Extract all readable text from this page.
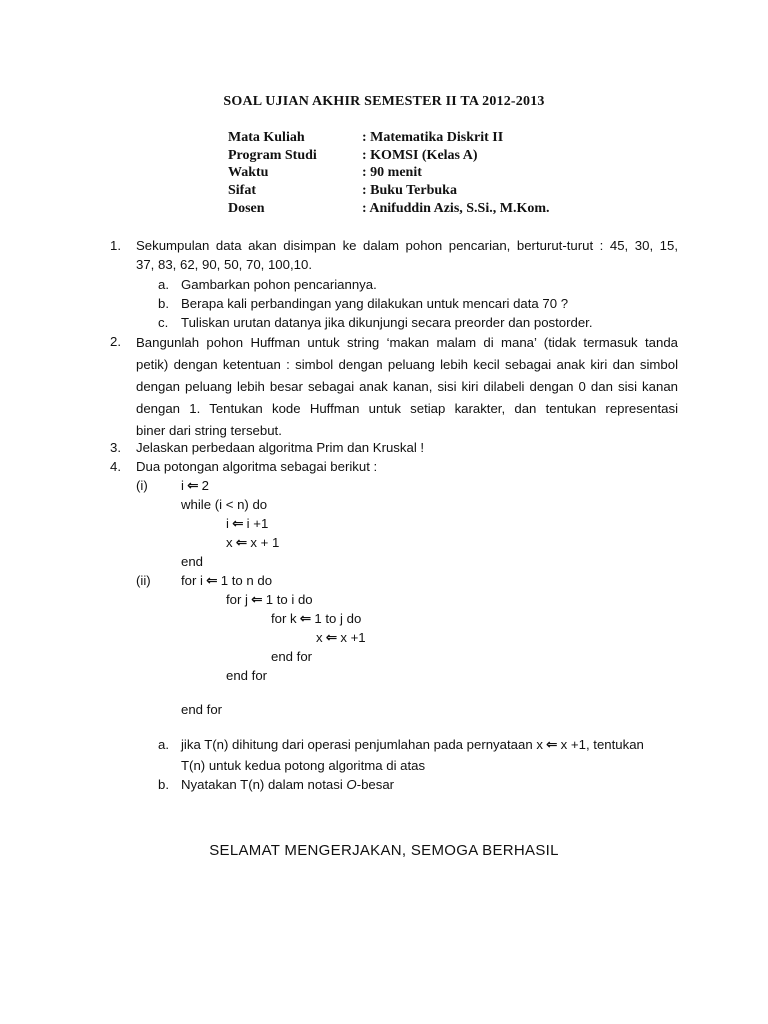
SOAL UJIAN AKHIR SEMESTER II TA 2012-2013
Mata Kuliah	: Matematika Diskrit II
Program Studi	: KOMSI (Kelas A)
Waktu	: 90 menit
Sifat	: Buku Terbuka
Dosen	: Anifuddin Azis, S.Si., M.Kom.
1.	Sekumpulan data akan disimpan ke dalam pohon pencarian, berturut-turut : 45, 30, 15,
37, 83, 62, 90, 50, 70, 100,10.
a. Gambarkan pohon pencariannya.
b. Berapa kali perbandingan yang dilakukan untuk mencari data 70 ?
c. Tuliskan urutan datanya jika dikunjungi secara preorder dan postorder.
2.	Bangunlah pohon Huffman untuk string ‘makan malam di mana’ (tidak termasuk tanda
petik) dengan ketentuan : simbol dengan peluang lebih kecil sebagai anak kiri dan simbol
dengan peluang lebih besar sebagai anak kanan, sisi kiri dilabeli dengan 0 dan sisi kanan
dengan 1. Tentukan kode Huffman untuk setiap karakter, dan tentukan representasi
biner dari string tersebut.
3.	Jelaskan perbedaan algoritma Prim dan Kruskal !
4.	Dua potongan algoritma sebagai berikut :
(i)	i ⇐ 2
while (i < n) do
i ⇐ i +1
x ⇐ x + 1
end
(ii) for i ⇐ 1 to n do
for j ⇐ 1 to i do
for k ⇐ 1 to j do
x ⇐ x +1
end for
end for
end for
a. jika T(n) dihitung dari operasi penjumlahan pada pernyataan x ⇐ x +1, tentukan
T(n) untuk kedua potong algoritma di atas
b. Nyatakan T(n) dalam notasi O-besar
SELAMAT MENGERJAKAN, SEMOGA BERHASIL
